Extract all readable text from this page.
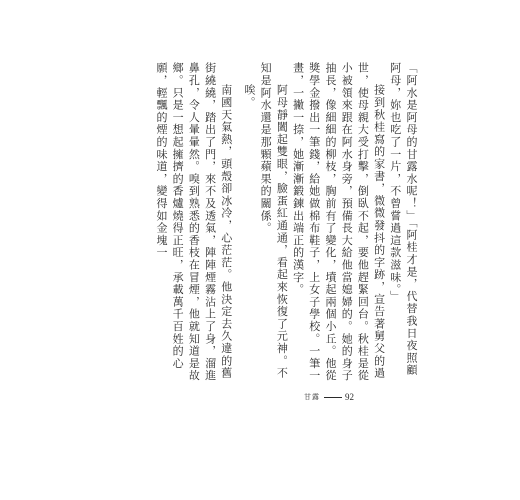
「阿水是阿母的甘露水呢！」「阿桂才是，代替我日夜照顧阿母，妳也吃了一片，不曾嘗過這款滋味。」

接到秋桂寫的家書，微微發抖的字跡，宣告著舅父的過世，使母親大受打擊，倒臥不起，要他趕緊回台。秋桂是從小被領來跟在阿水身旁，預備長大給他當媳婦的。她的身子抽長，像細細的柳枝，胸前有了變化，墳起兩個小丘。他從獎學金撥出一筆錢，給她做棉布鞋子，上女子學校。一筆一畫，一撇一捺，她漸漸鍛鍊出端正的漢字。

阿母靜闔起雙眼，臉蛋紅通通，看起來恢復了元神。不知是阿水還是那顆蘋果的關係。

唉。

南國天氣熱，頭殼卻冰冷，心茫茫。他決定去久違的舊街繞繞，踏出了門，來不及透氣，陣陣煙霧沾上了身，溜進鼻孔，令人暈暈然。嗅到熟悉的香枝在冒煙，他就知道是故鄉。只是一想起擁擠的香爐燒得正旺，承載萬千百姓的心願，輕飄的煙的味道，變得如金塊一

甘露	92
